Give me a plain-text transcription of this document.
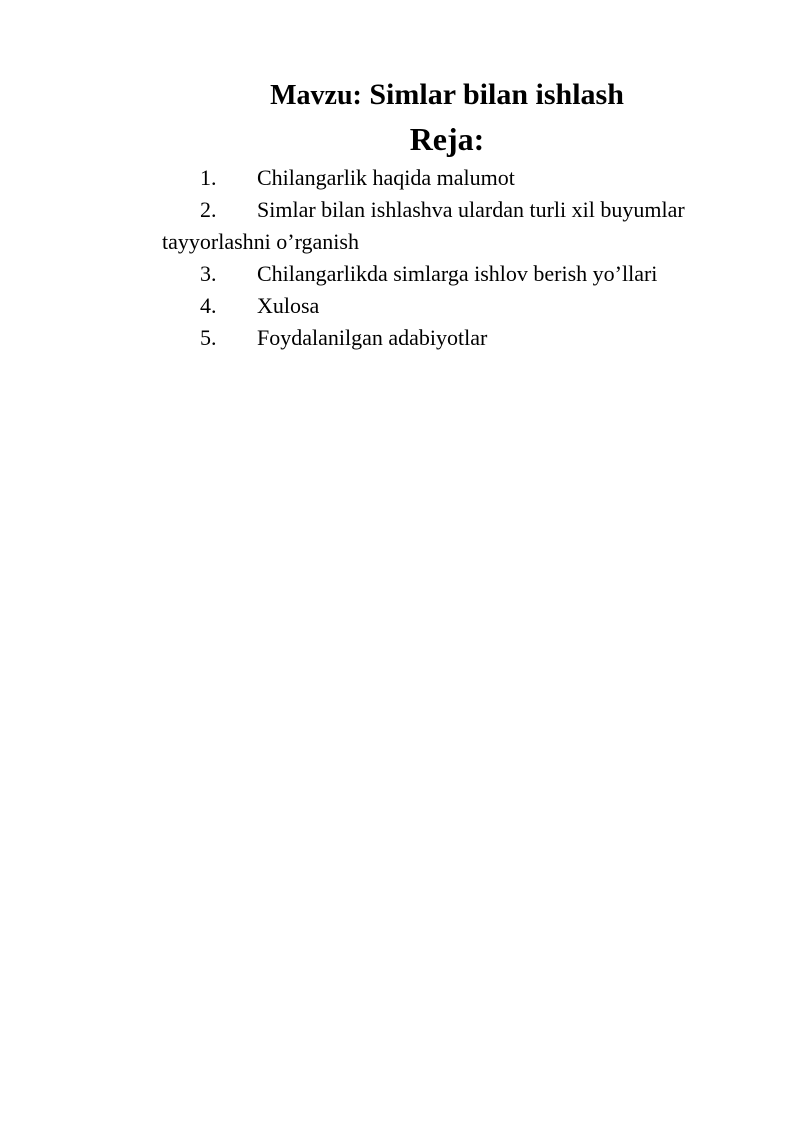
Mavzu: Simlar bilan ishlash
Reja:
1. Chilangarlik haqida malumot
2. Simlar bilan ishlashva ulardan turli xil buyumlar
tayyorlashni o’rganish
3. Chilangarlikda simlarga ishlov berish yo’llari
4. Xulosa
5. Foydalanilgan adabiyotlar
